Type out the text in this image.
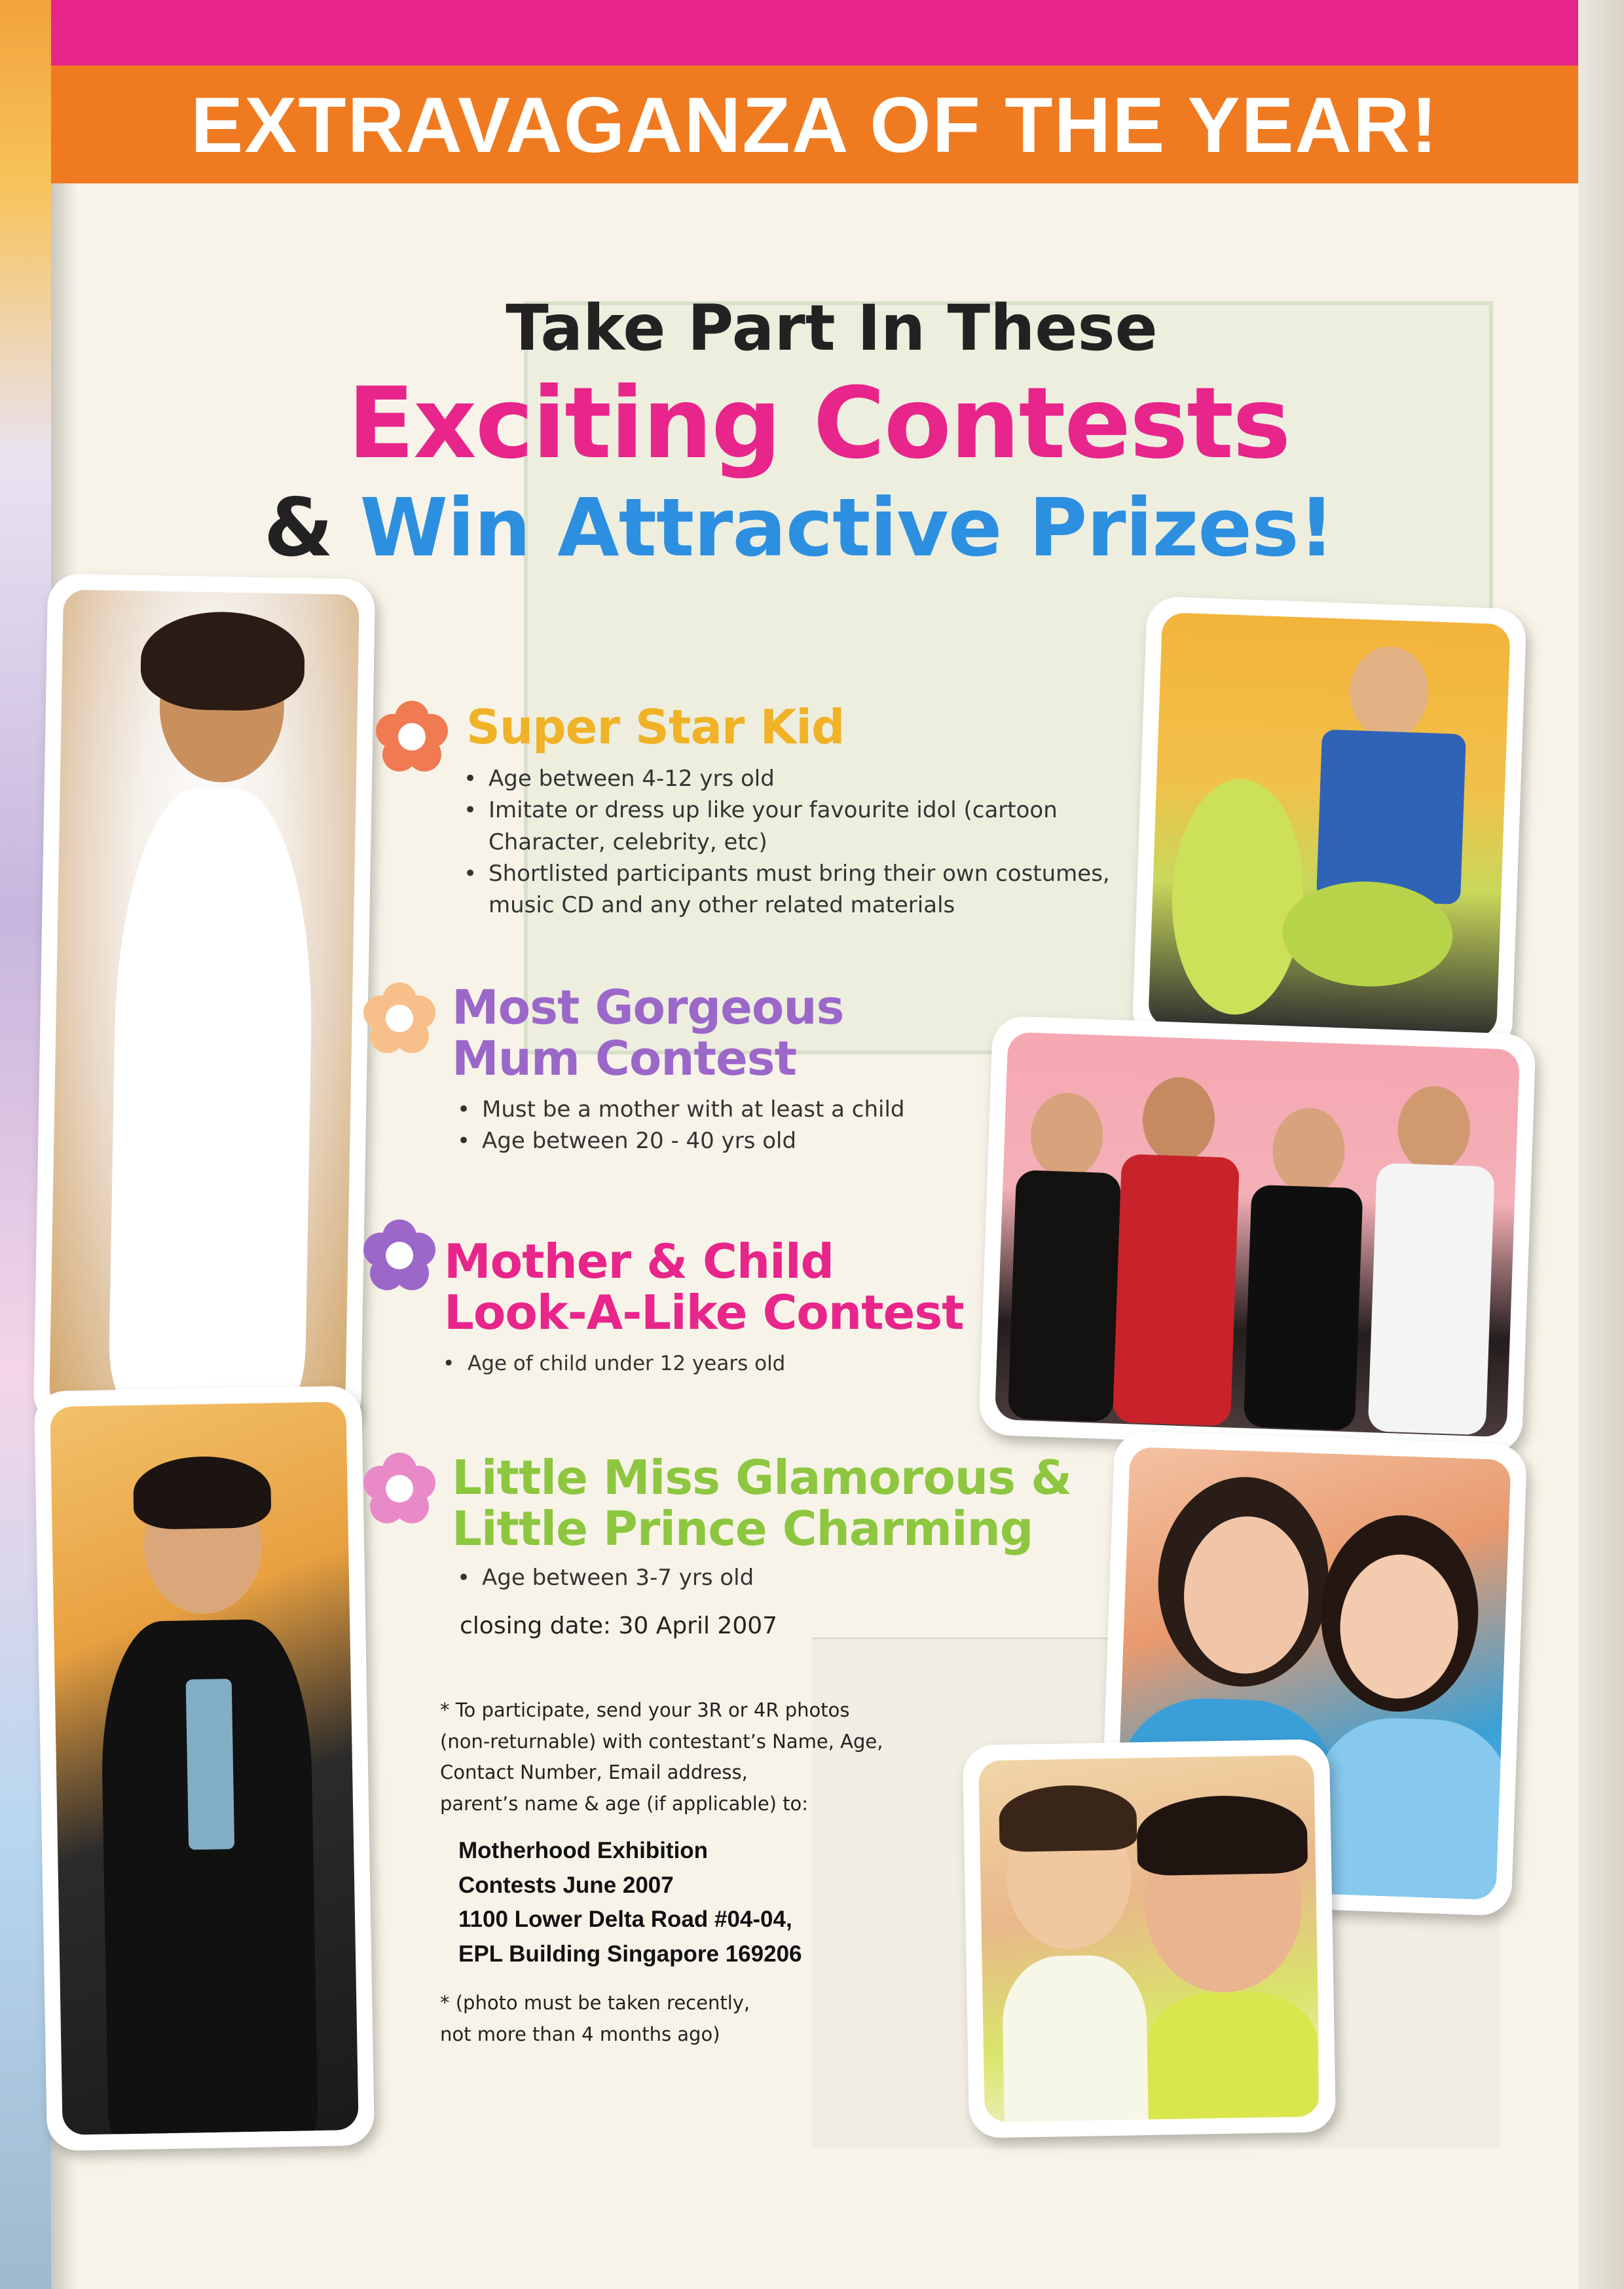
EXTRAVAGANZA OF THE YEAR!
Take Part In These
Exciting Contests
& Win Attractive Prizes!
Super Star Kid
• Age between 4-12 yrs old
• Imitate or dress up like your favourite idol (cartoon Character, celebrity, etc)
• Shortlisted participants must bring their own costumes, music CD and any other related materials
Most Gorgeous
Mum Contest
• Must be a mother with at least a child
• Age between 20 - 40 yrs old
Mother & Child
Look-A-Like Contest
• Age of child under 12 years old
Little Miss Glamorous &
Little Prince Charming
• Age between 3-7 yrs old
closing date: 30 April 2007
* To participate, send your 3R or 4R photos
(non-returnable) with contestant’s Name, Age,
Contact Number, Email address,
parent’s name & age (if applicable) to:
Motherhood Exhibition
Contests June 2007
1100 Lower Delta Road #04-04,
EPL Building Singapore 169206
* (photo must be taken recently,
not more than 4 months ago)
